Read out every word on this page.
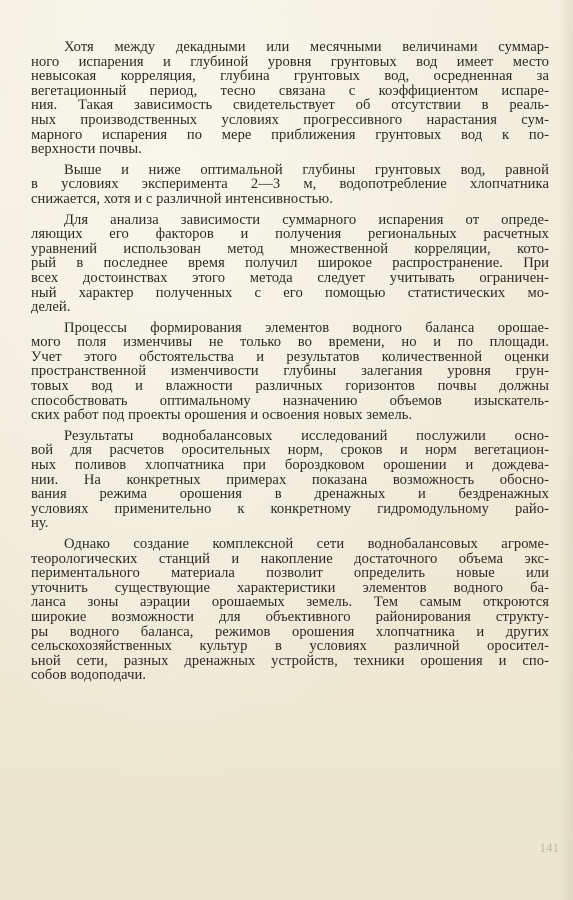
Хотя между декадными или месячными величинами суммар-
ного испарения и глубиной уровня грунтовых вод имеет место
невысокая корреляция, глубина грунтовых вод, осредненная за
вегетационный период, тесно связана с коэффициентом испаре-
ния. Такая зависимость свидетельствует об отсутствии в реаль-
ных производственных условиях прогрессивного нарастания сум-
марного испарения по мере приближения грунтовых вод к по-
верхности почвы.

Выше и ниже оптимальной глубины грунтовых вод, равной
в условиях эксперимента 2—3 м, водопотребление хлопчатника
снижается, хотя и с различной интенсивностью.

Для анализа зависимости суммарного испарения от опреде-
ляющих его факторов и получения региональных расчетных
уравнений использован метод множественной корреляции, кото-
рый в последнее время получил широкое распространение. При
всех достоинствах этого метода следует учитывать ограничен-
ный характер полученных с его помощью статистических мо-
делей.

Процессы формирования элементов водного баланса орошае-
мого поля изменчивы не только во времени, но и по площади.
Учет этого обстоятельства и результатов количественной оценки
пространственной изменчивости глубины залегания уровня грун-
товых вод и влажности различных горизонтов почвы должны
способствовать оптимальному назначению объемов изыскатель-
ских работ под проекты орошения и освоения новых земель.

Результаты воднобалансовых исследований послужили осно-
вой для расчетов оросительных норм, сроков и норм вегетацион-
ных поливов хлопчатника при бороздковом орошении и дождева-
нии. На конкретных примерах показана возможность обосно-
вания режима орошения в дренажных и бездренажных
условиях применительно к конкретному гидромодульному райо-
ну.

Однако создание комплексной сети воднобалансовых агроме-
теорологических станций и накопление достаточного объема экс-
периментального материала позволит определить новые или
уточнить существующие характеристики элементов водного ба-
ланса зоны аэрации орошаемых земель. Тем самым откроются
широкие возможности для объективного районирования структу-
ры водного баланса, режимов орошения хлопчатника и других
сельскохозяйственных культур в условиях различной оросител-
ьной сети, разных дренажных устройств, техники орошения и спо-
собов водоподачи.

141
